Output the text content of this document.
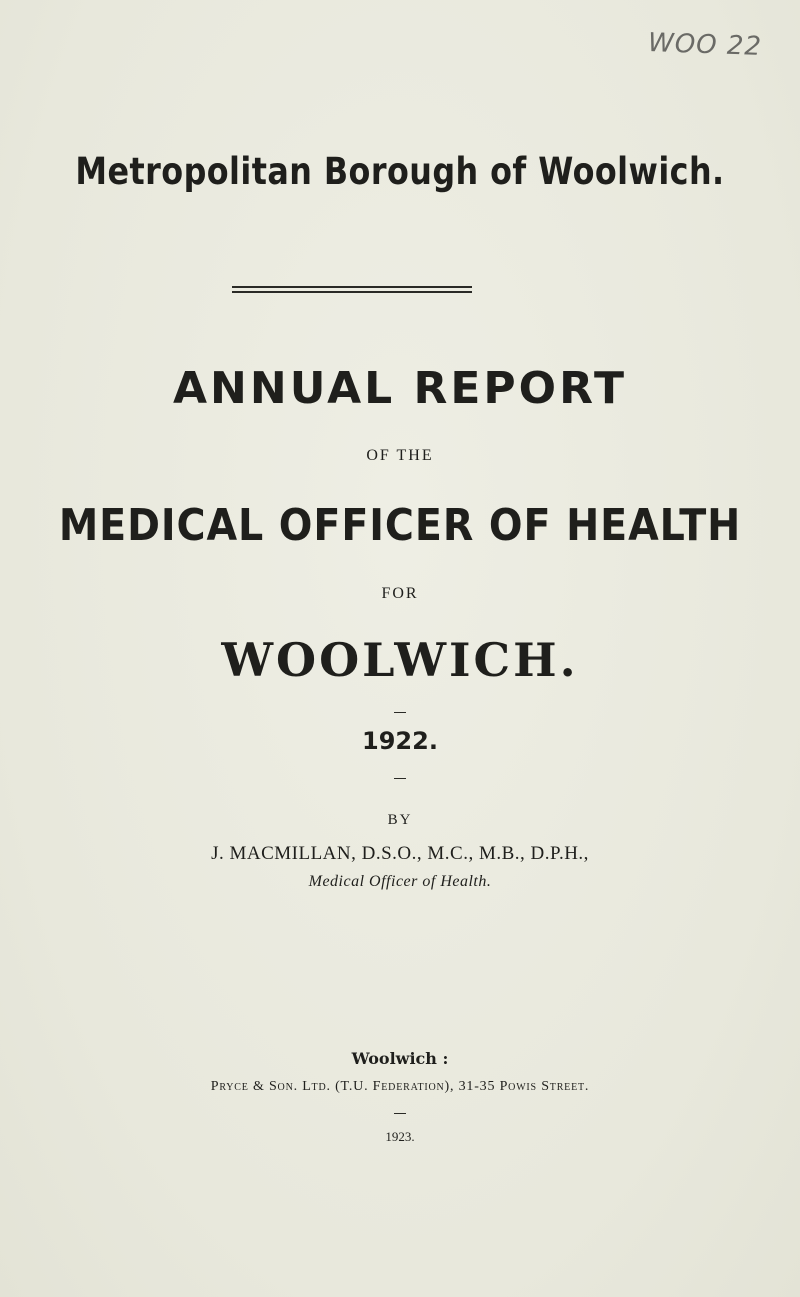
WOO 22
Metropolitan Borough of Woolwich.
ANNUAL REPORT
OF THE
MEDICAL OFFICER OF HEALTH
FOR
WOOLWICH.
1922.
BY
J. MACMILLAN, D.S.O., M.C., M.B., D.P.H.,
Medical Officer of Health.
Woolwich :
Pryce & Son. Ltd. (T.U. Federation), 31-35 Powis Street.
1923.
